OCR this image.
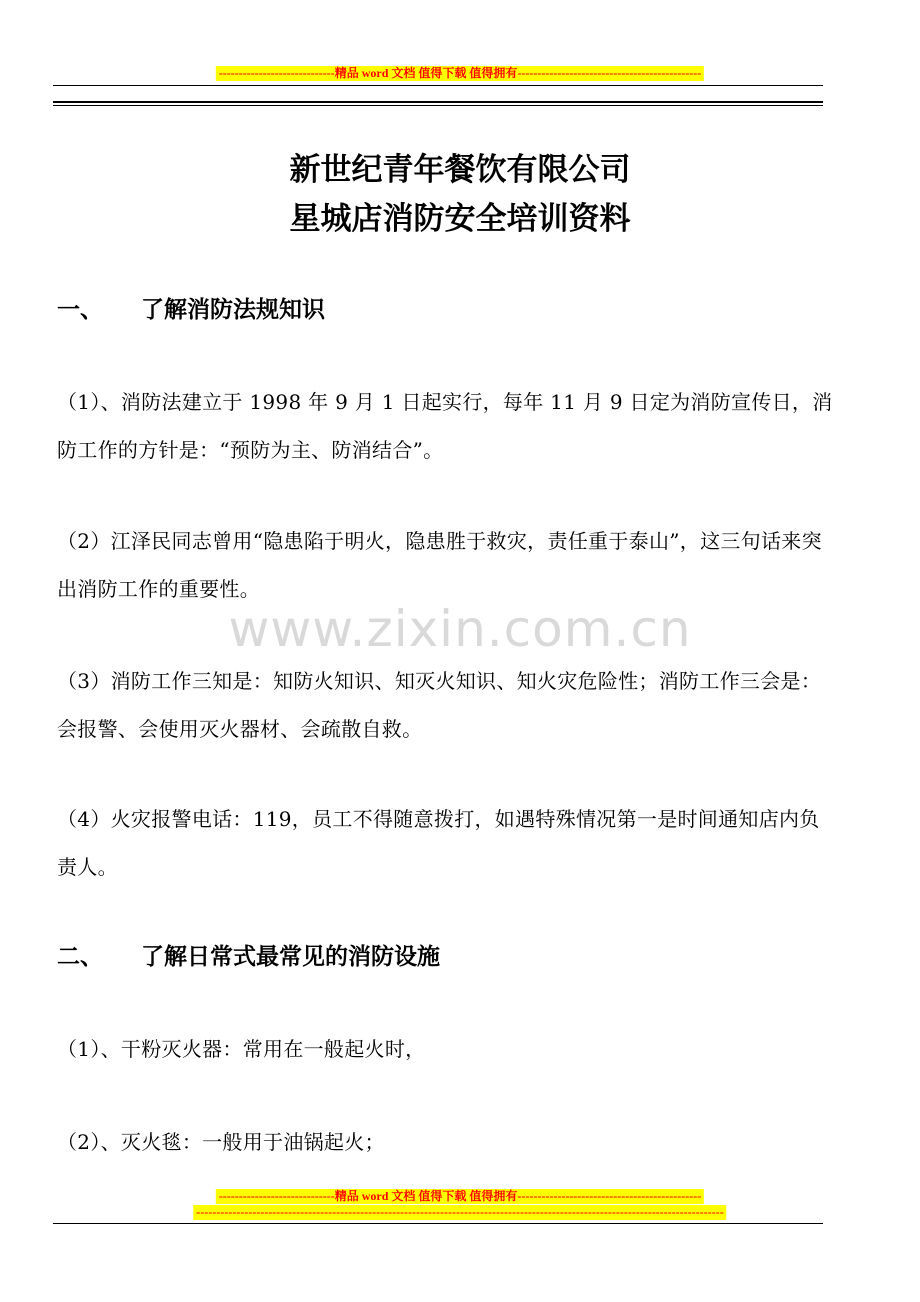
-----------------------------精品 word 文档 值得下载 值得拥有----------------------------------------------
新世纪青年餐饮有限公司
星城店消防安全培训资料
一、 了解消防法规知识
（1）、消防法建立于 1998 年 9 月 1 日起实行，每年 11 月 9 日定为消防宣传日，消防工作的方针是：“预防为主、防消结合”。
（2）江泽民同志曾用“隐患陷于明火，隐患胜于救灾，责任重于泰山”，这三句话来突出消防工作的重要性。
（3）消防工作三知是：知防火知识、知灭火知识、知火灾危险性；消防工作三会是：会报警、会使用灭火器材、会疏散自救。
（4）火灾报警电话：119，员工不得随意拨打，如遇特殊情况第一是时间通知店内负责人。
二、 了解日常式最常见的消防设施
（1）、干粉灭火器：常用在一般起火时，
（2）、灭火毯：一般用于油锅起火；
www.zixin.com.cn
-----------------------------精品 word 文档 值得下载 值得拥有----------------------------------------------
------------------------------------------------------------------------------------------------------------------------------------
